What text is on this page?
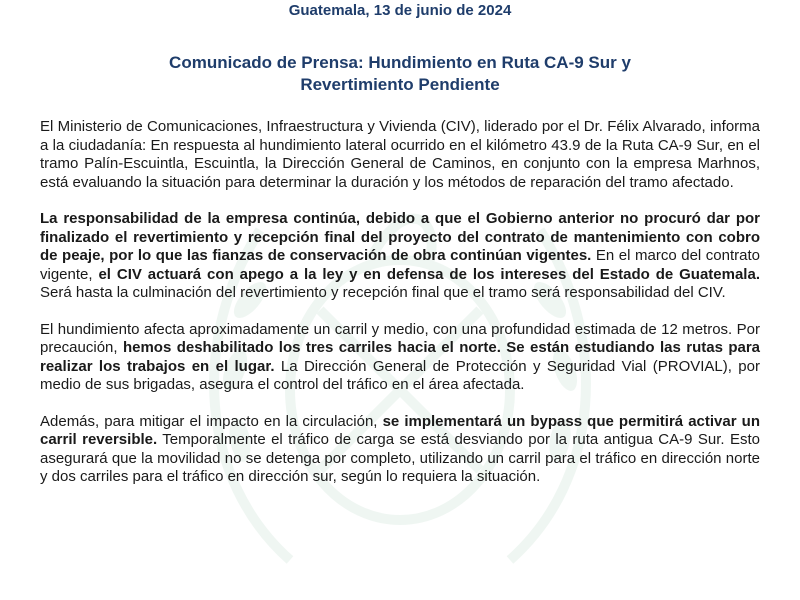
Guatemala, 13 de junio de 2024
Comunicado de Prensa: Hundimiento en Ruta CA-9 Sur y
Revertimiento Pendiente

El Ministerio de Comunicaciones, Infraestructura y Vivienda (CIV), liderado por el Dr. Félix Alvarado, informa a la ciudadanía: En respuesta al hundimiento lateral ocurrido en el kilómetro 43.9 de la Ruta CA-9 Sur, en el tramo Palín-Escuintla, Escuintla, la Dirección General de Caminos, en conjunto con la empresa Marhnos, está evaluando la situación para determinar la duración y los métodos de reparación del tramo afectado.

La responsabilidad de la empresa continúa, debido a que el Gobierno anterior no procuró dar por finalizado el revertimiento y recepción final del proyecto del contrato de mantenimiento con cobro de peaje, por lo que las fianzas de conservación de obra continúan vigentes. En el marco del contrato vigente, el CIV actuará con apego a la ley y en defensa de los intereses del Estado de Guatemala. Será hasta la culminación del revertimiento y recepción final que el tramo será responsabilidad del CIV.

El hundimiento afecta aproximadamente un carril y medio, con una profundidad estimada de 12 metros. Por precaución, hemos deshabilitado los tres carriles hacia el norte. Se están estudiando las rutas para realizar los trabajos en el lugar. La Dirección General de Protección y Seguridad Vial (PROVIAL), por medio de sus brigadas, asegura el control del tráfico en el área afectada.

Además, para mitigar el impacto en la circulación, se implementará un bypass que permitirá activar un carril reversible. Temporalmente el tráfico de carga se está desviando por la ruta antigua CA-9 Sur. Esto asegurará que la movilidad no se detenga por completo, utilizando un carril para el tráfico en dirección norte y dos carriles para el tráfico en dirección sur, según lo requiera la situación.
